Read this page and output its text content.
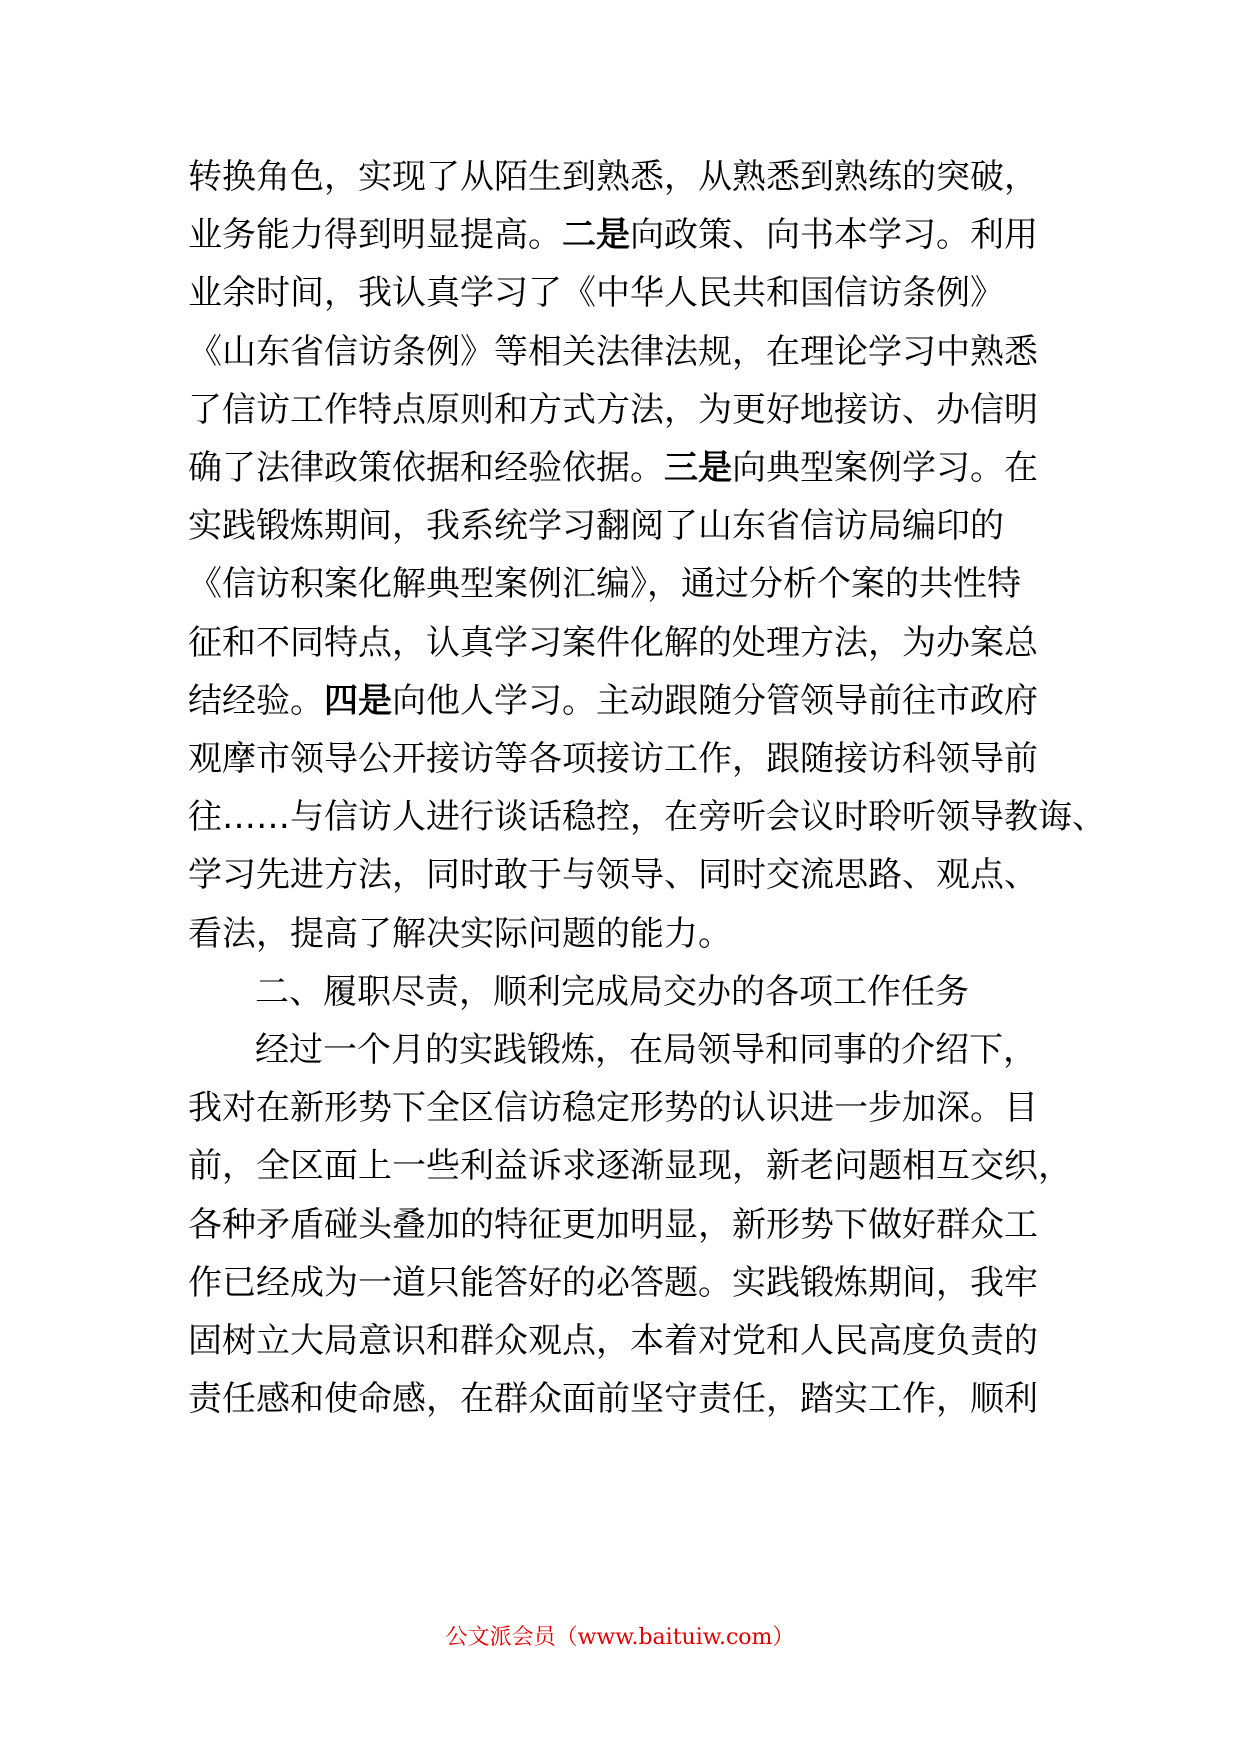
转换角色，实现了从陌生到熟悉，从熟悉到熟练的突破，
业务能力得到明显提高。二是向政策、向书本学习。利用
业余时间，我认真学习了《中华人民共和国信访条例》
《山东省信访条例》等相关法律法规，在理论学习中熟悉
了信访工作特点原则和方式方法，为更好地接访、办信明
确了法律政策依据和经验依据。三是向典型案例学习。在
实践锻炼期间，我系统学习翻阅了山东省信访局编印的
《信访积案化解典型案例汇编》，通过分析个案的共性特
征和不同特点，认真学习案件化解的处理方法，为办案总
结经验。四是向他人学习。主动跟随分管领导前往市政府
观摩市领导公开接访等各项接访工作，跟随接访科领导前
往……与信访人进行谈话稳控，在旁听会议时聆听领导教诲、
学习先进方法，同时敢于与领导、同时交流思路、观点、
看法，提高了解决实际问题的能力。
二、履职尽责，顺利完成局交办的各项工作任务
经过一个月的实践锻炼，在局领导和同事的介绍下，
我对在新形势下全区信访稳定形势的认识进一步加深。目
前，全区面上一些利益诉求逐渐显现，新老问题相互交织，
各种矛盾碰头叠加的特征更加明显，新形势下做好群众工
作已经成为一道只能答好的必答题。实践锻炼期间，我牢
固树立大局意识和群众观点，本着对党和人民高度负责的
责任感和使命感，在群众面前坚守责任，踏实工作，顺利
公文派会员（www.baituiw.com）
